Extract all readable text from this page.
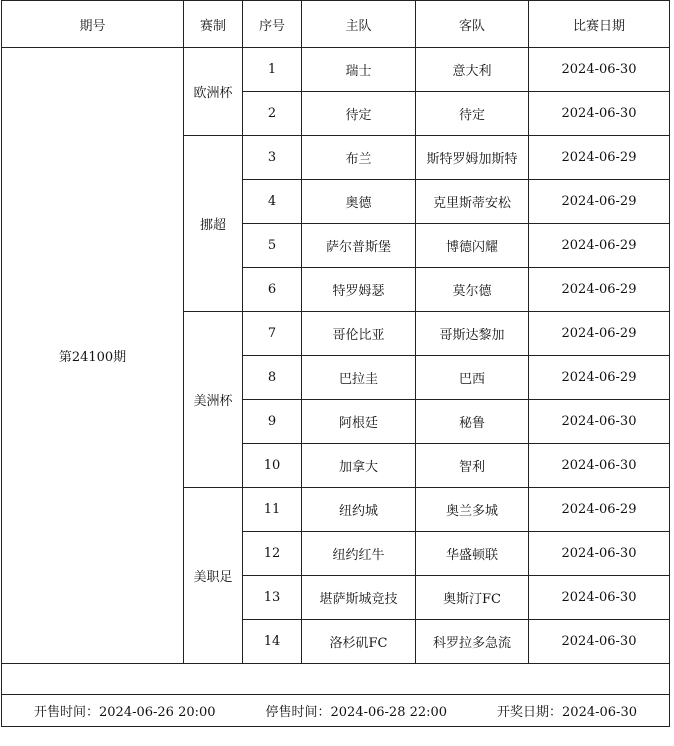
期号	赛制	序号	主队	客队	比赛日期
第24100期	欧洲杯	1	瑞士	意大利	2024-06-30
		2	待定	待定	2024-06-30
	挪超	3	布兰	斯特罗姆加斯特	2024-06-29
		4	奥德	克里斯蒂安松	2024-06-29
		5	萨尔普斯堡	博德闪耀	2024-06-29
		6	特罗姆瑟	莫尔德	2024-06-29
	美洲杯	7	哥伦比亚	哥斯达黎加	2024-06-29
		8	巴拉圭	巴西	2024-06-29
		9	阿根廷	秘鲁	2024-06-30
		10	加拿大	智利	2024-06-30
	美职足	11	纽约城	奥兰多城	2024-06-29
		12	纽约红牛	华盛顿联	2024-06-30
		13	堪萨斯城竞技	奥斯汀FC	2024-06-30
		14	洛杉矶FC	科罗拉多急流	2024-06-30

开售时间：2024-06-26 20:00 停售时间：2024-06-28 22:00 开奖日期：2024-06-30					
